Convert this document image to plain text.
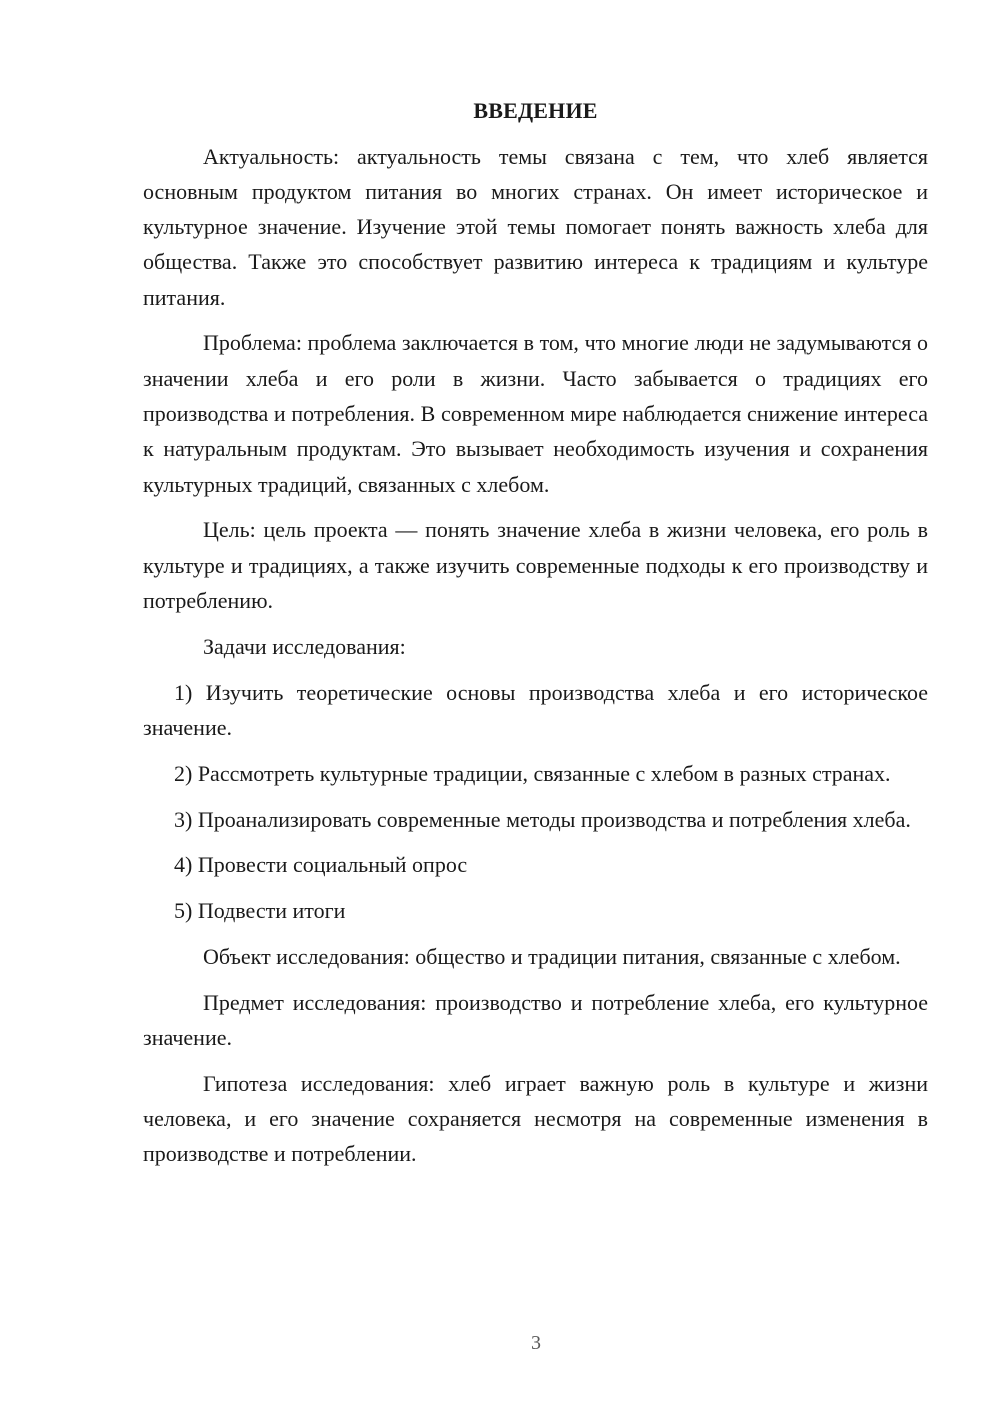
ВВЕДЕНИЕ

Актуальность: актуальность темы связана с тем, что хлеб является основным продуктом питания во многих странах. Он имеет историческое и культурное значение. Изучение этой темы помогает понять важность хлеба для общества. Также это способствует развитию интереса к традициям и культуре питания.

Проблема: проблема заключается в том, что многие люди не задумываются о значении хлеба и его роли в жизни. Часто забывается о традициях его производства и потребления. В современном мире наблюдается снижение интереса к натуральным продуктам. Это вызывает необходимость изучения и сохранения культурных традиций, связанных с хлебом.

Цель: цель проекта — понять значение хлеба в жизни человека, его роль в культуре и традициях, а также изучить современные подходы к его производству и потреблению.

Задачи исследования:

1) Изучить теоретические основы производства хлеба и его историческое значение.

2) Рассмотреть культурные традиции, связанные с хлебом в разных странах.

3) Проанализировать современные методы производства и потребления хлеба.

4) Провести социальный опрос

5) Подвести итоги

Объект исследования: общество и традиции питания, связанные с хлебом.

Предмет исследования: производство и потребление хлеба, его культурное значение.

Гипотеза исследования: хлеб играет важную роль в культуре и жизни человека, и его значение сохраняется несмотря на современные изменения в производстве и потреблении.

3
